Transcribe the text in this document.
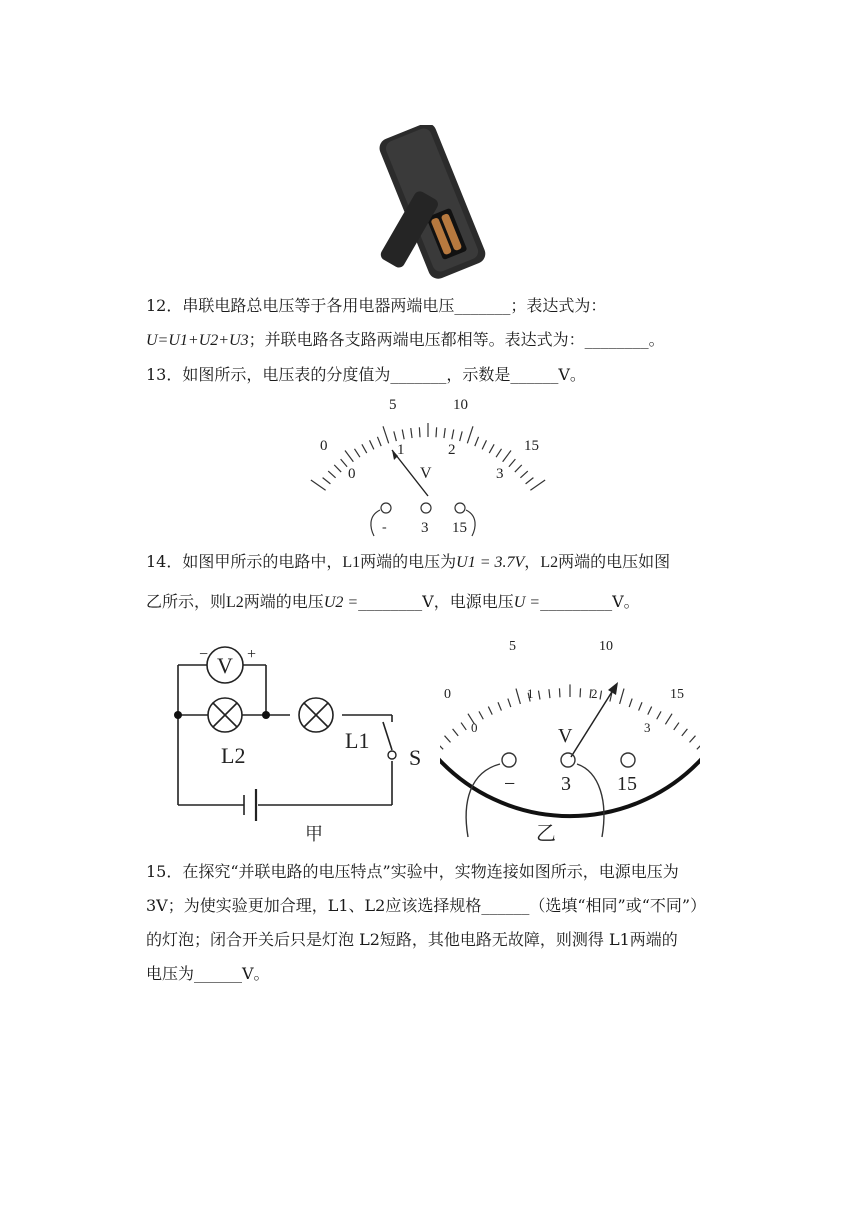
12．串联电路总电压等于各用电器两端电压_______；表达式为：
U=U1+U2+U3；并联电路各支路两端电压都相等。表达式为：________。
13．如图所示，电压表的分度值为_______，示数是______V。
0
5	10
15
0
1	2
3
V
- 3 15
14．如图甲所示的电路中，L1两端的电压为U1 = 3.7V，L2两端的电压如图
乙所示，则L2两端的电压U2 =________V，电源电压U =_________V。
V
− +
L2
L1
S
甲
0
5	10
15
0
1	2
3
V
− 3 15
乙
15．在探究“并联电路的电压特点”实验中，实物连接如图所示，电源电压为
3V；为使实验更加合理，L1、L2应该选择规格______（选填“相同”或“不同”）
的灯泡；闭合开关后只是灯泡 L2短路，其他电路无故障，则测得 L1两端的
电压为______V。
